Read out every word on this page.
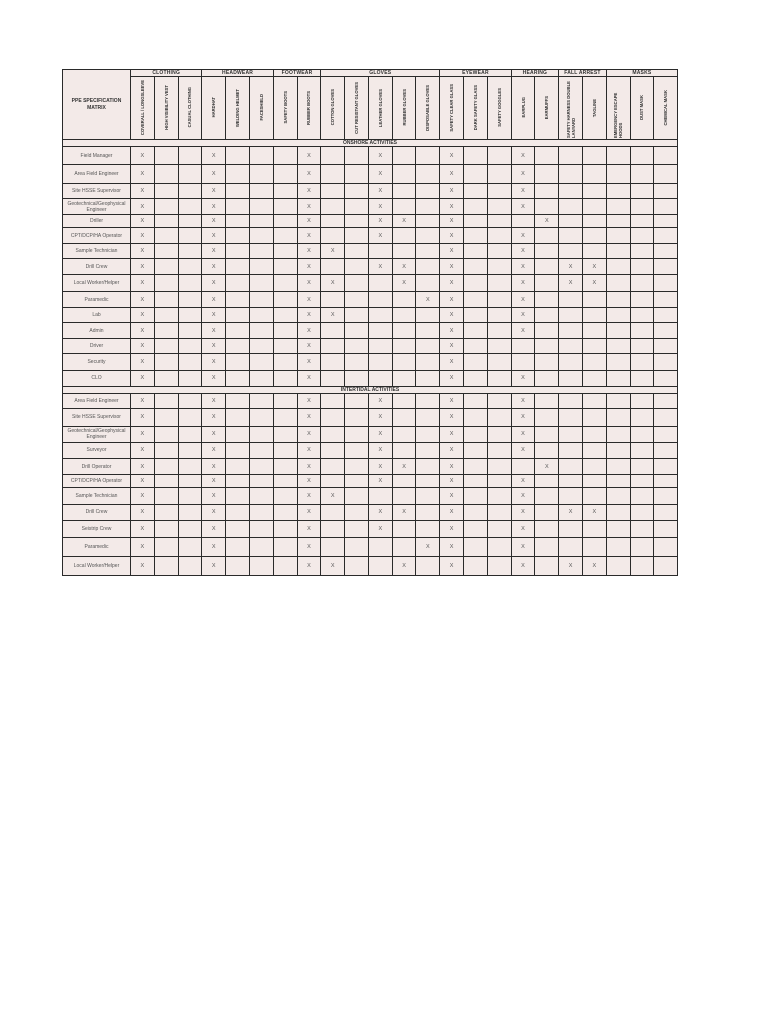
PPE SPECIFICATION MATRIX	CLOTHING			HEADWEAR			FOOTWEAR		GLOVES					EYEWEAR			HEARING		FALL ARREST		MASKS		
	COVERALL / LONGSLEEVE	HIGH VISIBILITY VEST	CASUAL CLOTHING	HARDHAT	WELDING HELMET	FACESHIELD	SAFETY BOOTS	RUBBER BOOTS	COTTON GLOVES	CUT RESISTANT GLOVES	LEATHER GLOVES	RUBBER GLOVES	DISPOSABLE GLOVES	SAFETY CLEAR GLASS	DARK SAFETY GLASS	SAFETY GOGGLES	EARPLUG	EARMUFFS	SAFETY HARNESS DOUBLE LANYARD	TAGLINE	EMERGENCY ESCAPE HOODS	DUST MASK	CHEMICAL MASK
ONSHORE ACTIVITIES																							
Field Manager	X			X				X			X			X			X						
Area Field Engineer	X			X				X			X			X			X						
Site HSSE Supervisor	X			X				X			X			X			X						
Geotechnical/Geophysical Engineer	X			X				X			X			X			X						
Driller	X			X				X			X	X		X				X					
CPT/DCP/HA Operator	X			X				X			X			X			X						
Sample Technician	X			X				X	X					X			X						
Drill Crew	X			X				X			X	X		X			X		X	X			
Local Worker/Helper	X			X				X	X			X		X			X		X	X			
Paramedic	X			X				X					X	X			X						
Lab	X			X				X	X					X			X						
Admin	X			X				X						X			X						
Driver	X			X				X						X									
Security	X			X				X						X									
CLO	X			X				X						X			X						
INTERTIDAL ACTIVITIES																							
Area Field Engineer	X			X				X			X			X			X						
Site HSSE Supervisor	X			X				X			X			X			X						
Geotechnical/Geophysical Engineer	X			X				X			X			X			X						
Surveyor	X			X				X			X			X			X						
Drill Operator	X			X				X			X	X		X				X					
CPT/DCP/HA Operator	X			X				X			X			X			X						
Sample Technician	X			X				X	X					X			X						
Drill Crew	X			X				X			X	X		X			X		X	X			
Seistrip Crew	X			X				X			X			X			X						
Paramedic	X			X				X					X	X			X						
Local Worker/Helper	X			X				X	X			X		X			X		X	X			
